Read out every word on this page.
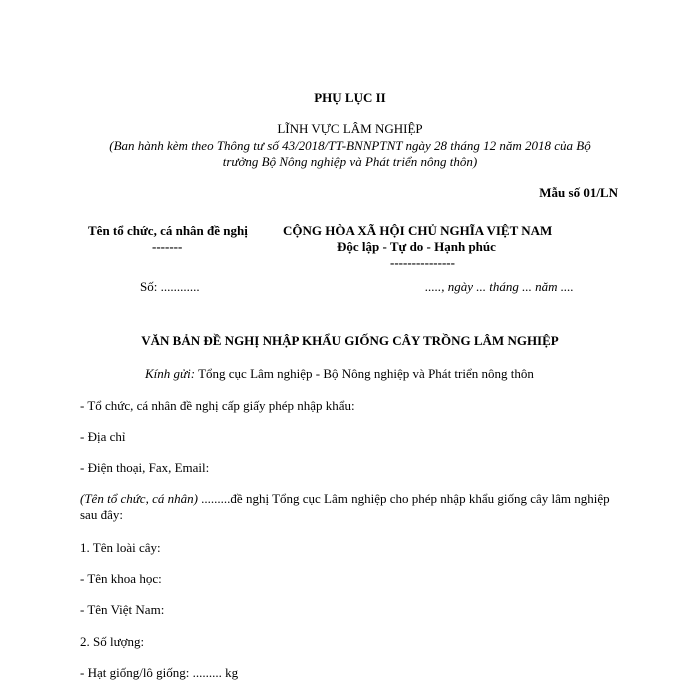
PHỤ LỤC II
LĨNH VỰC LÂM NGHIỆP
(Ban hành kèm theo Thông tư số 43/2018/TT-BNNPTNT ngày 28 tháng 12 năm 2018 của Bộ
trưởng Bộ Nông nghiệp và Phát triển nông thôn)
Mẫu số 01/LN
Tên tổ chức, cá nhân đề nghị
-------
CỘNG HÒA XÃ HỘI CHỦ NGHĨA VIỆT NAM
Độc lập - Tự do - Hạnh phúc
---------------
Số: ............	....., ngày ... tháng ... năm ....
VĂN BẢN ĐỀ NGHỊ NHẬP KHẨU GIỐNG CÂY TRỒNG LÂM NGHIỆP
Kính gửi: Tổng cục Lâm nghiệp - Bộ Nông nghiệp và Phát triển nông thôn
- Tổ chức, cá nhân đề nghị cấp giấy phép nhập khẩu:
- Địa chỉ
- Điện thoại, Fax, Email:
(Tên tổ chức, cá nhân) .........đề nghị Tổng cục Lâm nghiệp cho phép nhập khẩu giống cây lâm nghiệp sau đây:
1. Tên loài cây:
- Tên khoa học:
- Tên Việt Nam:
2. Số lượng:
- Hạt giống/lô giống: ......... kg
